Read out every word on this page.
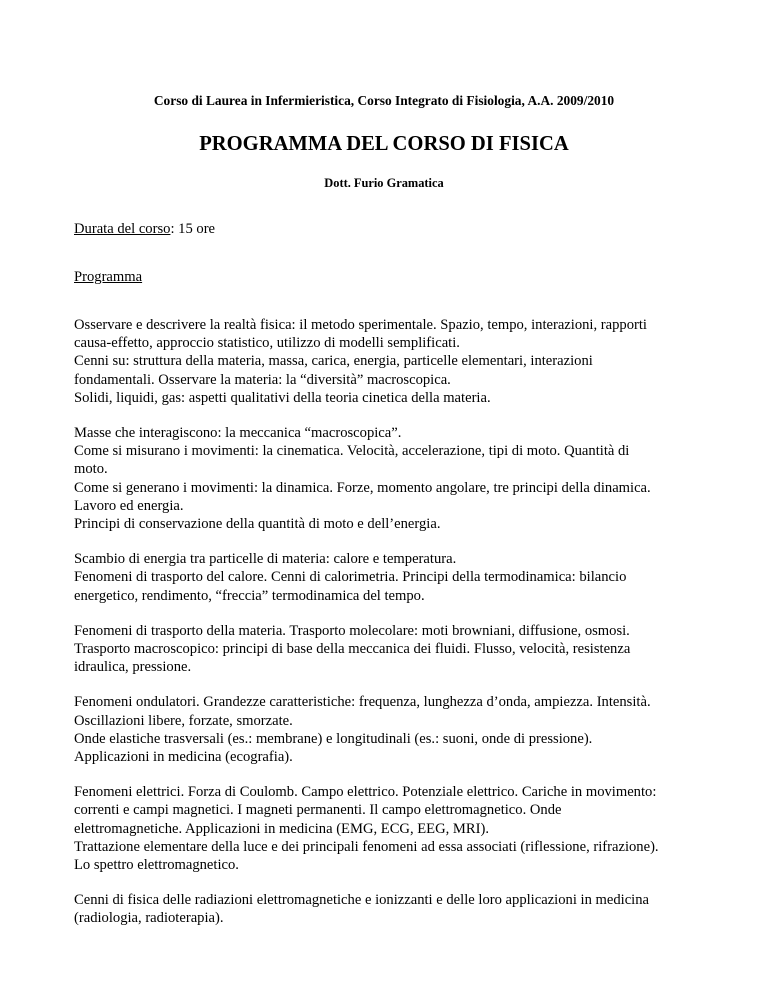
Corso di Laurea in Infermieristica, Corso Integrato di Fisiologia, A.A. 2009/2010
PROGRAMMA DEL CORSO DI FISICA
Dott. Furio Gramatica
Durata del corso: 15 ore
Programma

Osservare e descrivere la realtà fisica: il metodo sperimentale. Spazio, tempo, interazioni, rapporti
causa-effetto, approccio statistico, utilizzo di modelli semplificati.
Cenni su: struttura della materia, massa, carica, energia, particelle elementari, interazioni
fondamentali. Osservare la materia: la “diversità” macroscopica.
Solidi, liquidi, gas: aspetti qualitativi della teoria cinetica della materia.

Masse che interagiscono: la meccanica “macroscopica”.
Come si misurano i movimenti: la cinematica. Velocità, accelerazione, tipi di moto. Quantità di
moto.
Come si generano i movimenti: la dinamica. Forze, momento angolare, tre principi della dinamica.
Lavoro ed energia.
Principi di conservazione della quantità di moto e dell’energia.

Scambio di energia tra particelle di materia: calore e temperatura.
Fenomeni di trasporto del calore. Cenni di calorimetria. Principi della termodinamica: bilancio
energetico, rendimento, “freccia” termodinamica del tempo.

Fenomeni di trasporto della materia. Trasporto molecolare: moti browniani, diffusione, osmosi.
Trasporto macroscopico: principi di base della meccanica dei fluidi. Flusso, velocità, resistenza
idraulica, pressione.

Fenomeni ondulatori. Grandezze caratteristiche: frequenza, lunghezza d’onda, ampiezza. Intensità.
Oscillazioni libere, forzate, smorzate.
Onde elastiche trasversali (es.: membrane) e longitudinali (es.: suoni, onde di pressione).
Applicazioni in medicina (ecografia).

Fenomeni elettrici. Forza di Coulomb. Campo elettrico. Potenziale elettrico. Cariche in movimento:
correnti e campi magnetici. I magneti permanenti. Il campo elettromagnetico. Onde
elettromagnetiche. Applicazioni in medicina (EMG, ECG, EEG, MRI).
Trattazione elementare della luce e dei principali fenomeni ad essa associati (riflessione, rifrazione).
Lo spettro elettromagnetico.

Cenni di fisica delle radiazioni elettromagnetiche e ionizzanti e delle loro applicazioni in medicina
(radiologia, radioterapia).
